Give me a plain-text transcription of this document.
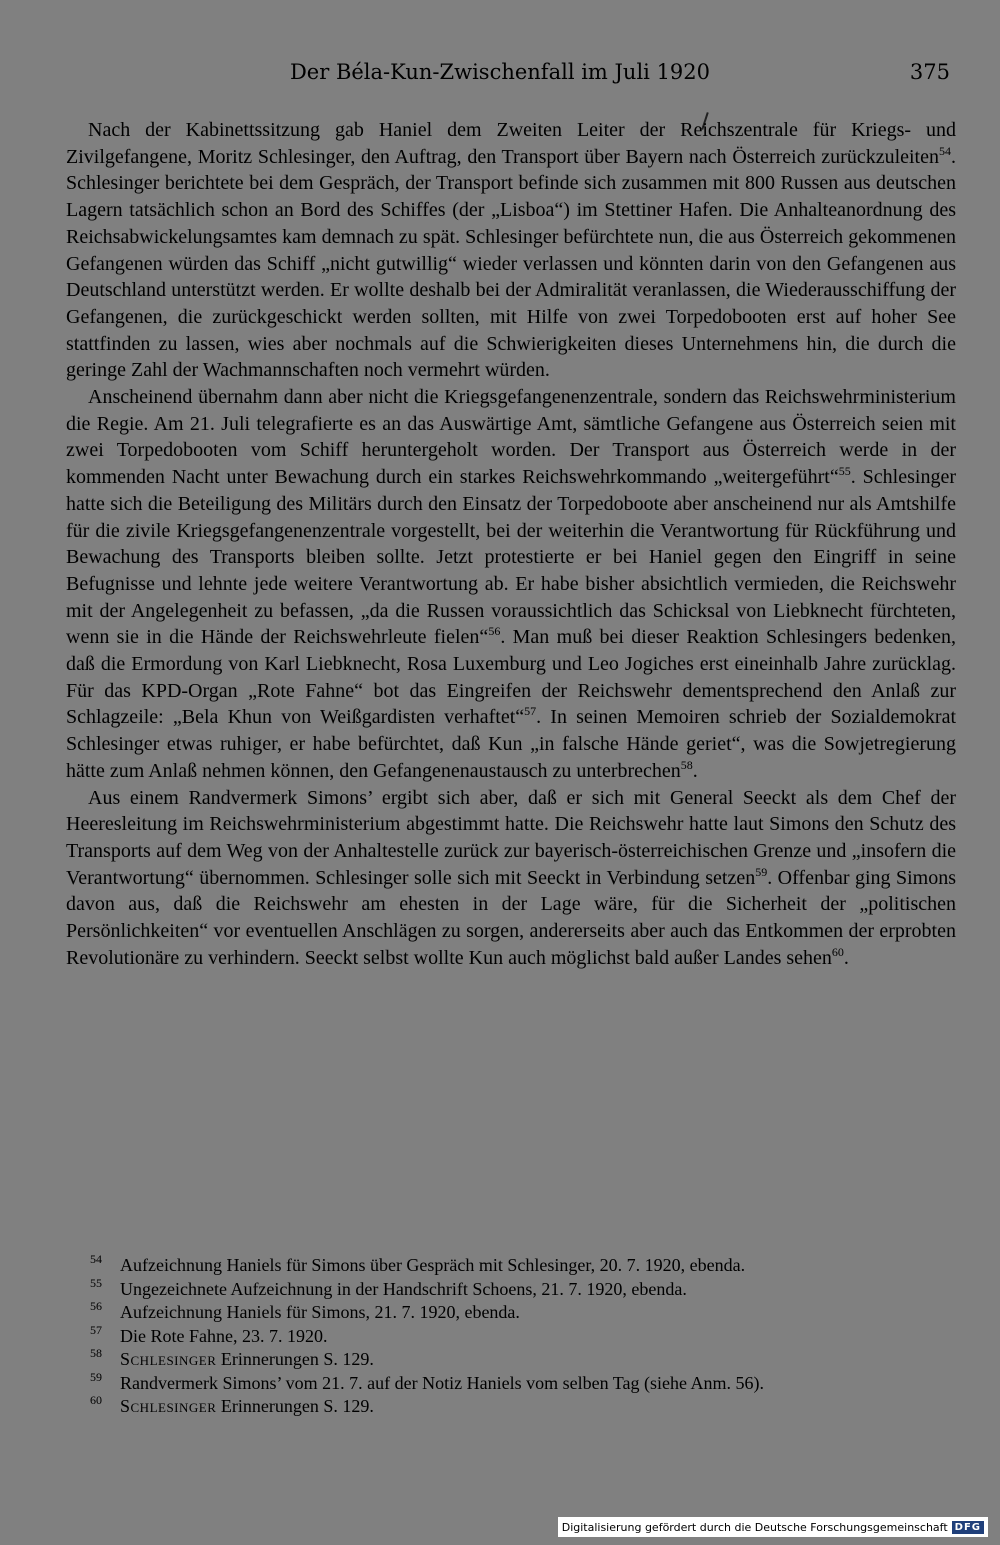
Der Béla-Kun-Zwischenfall im Juli 1920	375

Nach der Kabinettssitzung gab Haniel dem Zweiten Leiter der Reichszentrale für Kriegs- und Zivilgefangene, Moritz Schlesinger, den Auftrag, den Transport über Bayern nach Österreich zurückzuleiten$^{54}$. Schlesinger berichtete bei dem Gespräch, der Transport befinde sich zusammen mit 800 Russen aus deutschen Lagern tatsächlich schon an Bord des Schiffes (der „Lisboa“) im Stettiner Hafen. Die Anhalteanordnung des Reichsabwickelungsamtes kam demnach zu spät. Schlesinger befürchtete nun, die aus Österreich gekommenen Gefangenen würden das Schiff „nicht gutwillig“ wieder verlassen und könnten darin von den Gefangenen aus Deutschland unterstützt werden. Er wollte deshalb bei der Admiralität veranlassen, die Wiederausschiffung der Gefangenen, die zurückgeschickt werden sollten, mit Hilfe von zwei Torpedobooten erst auf hoher See stattfinden zu lassen, wies aber nochmals auf die Schwierigkeiten dieses Unternehmens hin, die durch die geringe Zahl der Wachmannschaften noch vermehrt würden.

Anscheinend übernahm dann aber nicht die Kriegsgefangenenzentrale, sondern das Reichswehrministerium die Regie. Am 21. Juli telegrafierte es an das Auswärtige Amt, sämtliche Gefangene aus Österreich seien mit zwei Torpedobooten vom Schiff heruntergeholt worden. Der Transport aus Österreich werde in der kommenden Nacht unter Bewachung durch ein starkes Reichswehrkommando „weitergeführt“$^{55}$. Schlesinger hatte sich die Beteiligung des Militärs durch den Einsatz der Torpedoboote aber anscheinend nur als Amtshilfe für die zivile Kriegsgefangenenzentrale vorgestellt, bei der weiterhin die Verantwortung für Rückführung und Bewachung des Transports bleiben sollte. Jetzt protestierte er bei Haniel gegen den Eingriff in seine Befugnisse und lehnte jede weitere Verantwortung ab. Er habe bisher absichtlich vermieden, die Reichswehr mit der Angelegenheit zu befassen, „da die Russen voraussichtlich das Schicksal von Liebknecht fürchteten, wenn sie in die Hände der Reichswehrleute fielen“$^{56}$. Man muß bei dieser Reaktion Schlesingers bedenken, daß die Ermordung von Karl Liebknecht, Rosa Luxemburg und Leo Jogiches erst eineinhalb Jahre zurücklag. Für das KPD-Organ „Rote Fahne“ bot das Eingreifen der Reichswehr dementsprechend den Anlaß zur Schlagzeile: „Bela Khun von Weißgardisten verhaftet“$^{57}$. In seinen Memoiren schrieb der Sozialdemokrat Schlesinger etwas ruhiger, er habe befürchtet, daß Kun „in falsche Hände geriet“, was die Sowjetregierung hätte zum Anlaß nehmen können, den Gefangenenaustausch zu unterbrechen$^{58}$.

Aus einem Randvermerk Simons’ ergibt sich aber, daß er sich mit General Seeckt als dem Chef der Heeresleitung im Reichswehrministerium abgestimmt hatte. Die Reichswehr hatte laut Simons den Schutz des Transports auf dem Weg von der Anhaltestelle zurück zur bayerisch-österreichischen Grenze und „insofern die Verantwortung“ übernommen. Schlesinger solle sich mit Seeckt in Verbindung setzen$^{59}$. Offenbar ging Simons davon aus, daß die Reichswehr am ehesten in der Lage wäre, für die Sicherheit der „politischen Persönlichkeiten“ vor eventuellen Anschlägen zu sorgen, andererseits aber auch das Entkommen der erprobten Revolutionäre zu verhindern. Seeckt selbst wollte Kun auch möglichst bald außer Landes sehen$^{60}$.

54	Aufzeichnung Haniels für Simons über Gespräch mit Schlesinger, 20. 7. 1920, ebenda.
55	Ungezeichnete Aufzeichnung in der Handschrift Schoens, 21. 7. 1920, ebenda.
56	Aufzeichnung Haniels für Simons, 21. 7. 1920, ebenda.
57	Die Rote Fahne, 23. 7. 1920.
58	Schlesinger Erinnerungen S. 129.
59	Randvermerk Simons’ vom 21. 7. auf der Notiz Haniels vom selben Tag (siehe Anm. 56).
60	Schlesinger Erinnerungen S. 129.
Digitalisierung gefördert durch die Deutsche Forschungsgemeinschaft DFG
